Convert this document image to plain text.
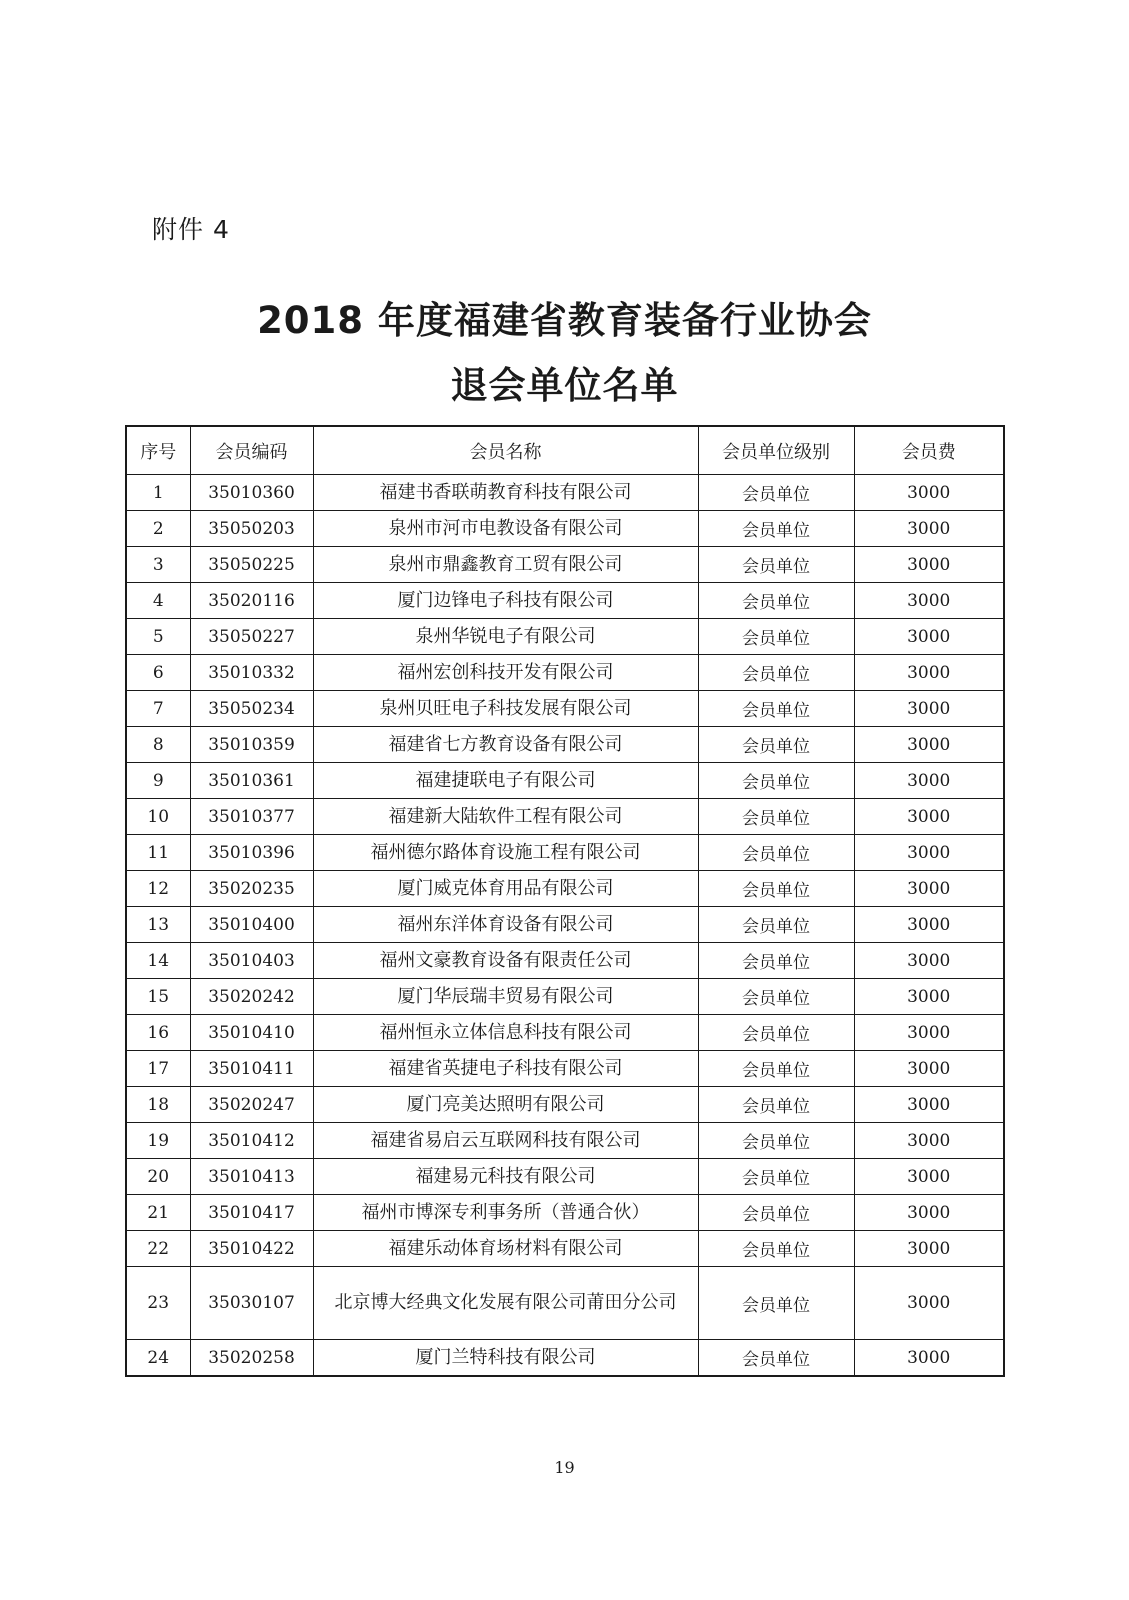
附件 4
2018 年度福建省教育装备行业协会
退会单位名单
序号	会员编码	会员名称	会员单位级别	会员费
1	35010360	福建书香联萌教育科技有限公司	会员单位	3000
2	35050203	泉州市河市电教设备有限公司	会员单位	3000
3	35050225	泉州市鼎鑫教育工贸有限公司	会员单位	3000
4	35020116	厦门边锋电子科技有限公司	会员单位	3000
5	35050227	泉州华锐电子有限公司	会员单位	3000
6	35010332	福州宏创科技开发有限公司	会员单位	3000
7	35050234	泉州贝旺电子科技发展有限公司	会员单位	3000
8	35010359	福建省七方教育设备有限公司	会员单位	3000
9	35010361	福建捷联电子有限公司	会员单位	3000
10	35010377	福建新大陆软件工程有限公司	会员单位	3000
11	35010396	福州德尔路体育设施工程有限公司	会员单位	3000
12	35020235	厦门威克体育用品有限公司	会员单位	3000
13	35010400	福州东洋体育设备有限公司	会员单位	3000
14	35010403	福州文豪教育设备有限责任公司	会员单位	3000
15	35020242	厦门华辰瑞丰贸易有限公司	会员单位	3000
16	35010410	福州恒永立体信息科技有限公司	会员单位	3000
17	35010411	福建省英捷电子科技有限公司	会员单位	3000
18	35020247	厦门亮美达照明有限公司	会员单位	3000
19	35010412	福建省易启云互联网科技有限公司	会员单位	3000
20	35010413	福建易元科技有限公司	会员单位	3000
21	35010417	福州市博深专利事务所（普通合伙）	会员单位	3000
22	35010422	福建乐动体育场材料有限公司	会员单位	3000
23	35030107	北京博大经典文化发展有限公司莆田分公司	会员单位	3000
24	35020258	厦门兰特科技有限公司	会员单位	3000
19
